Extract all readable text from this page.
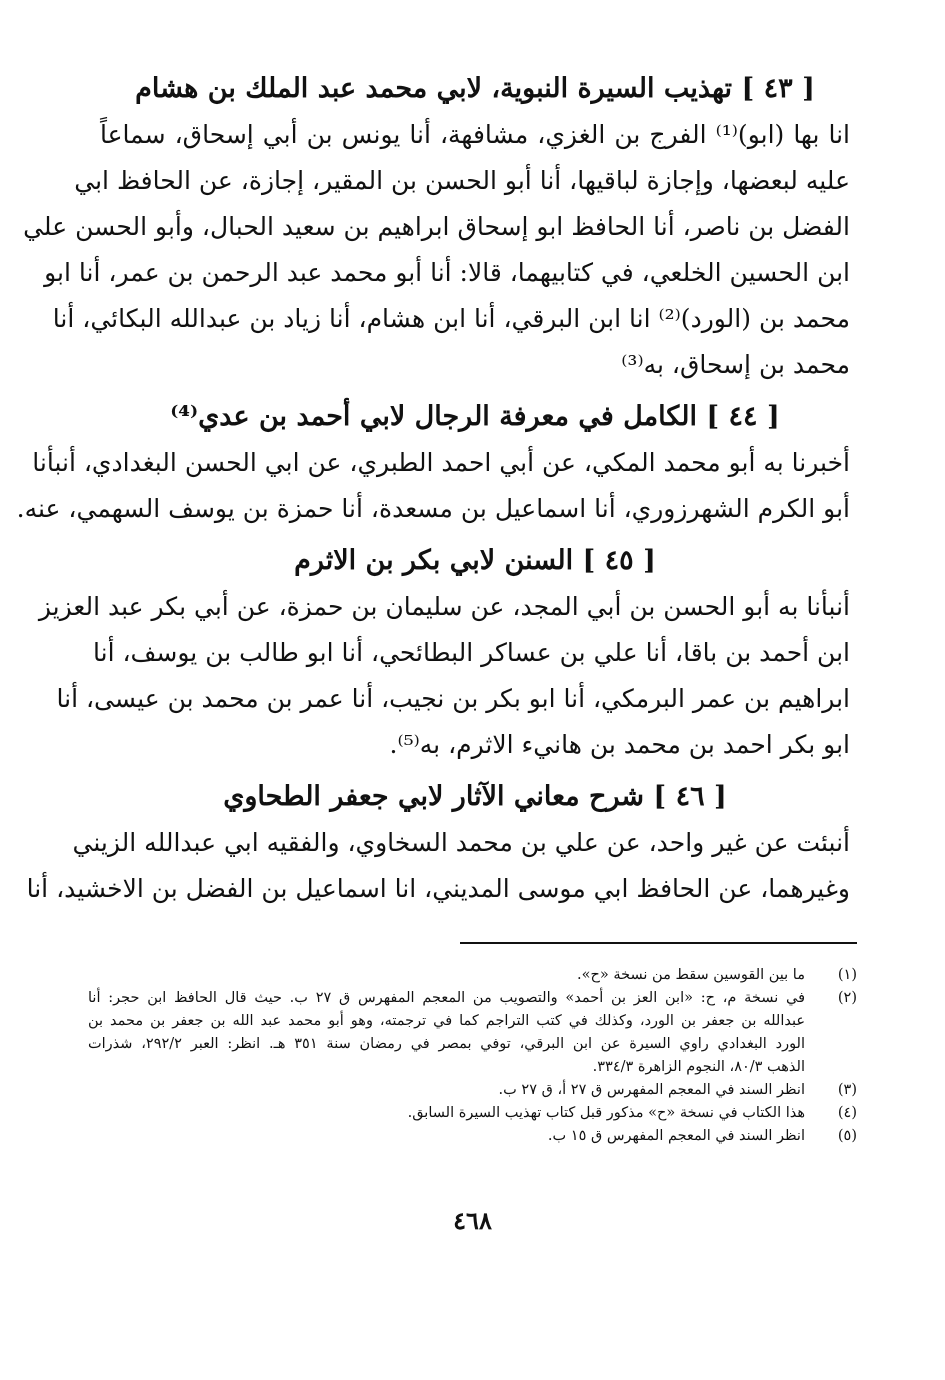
[ ٤٣ ] تهذيب السيرة النبوية، لابي محمد عبد الملك بن هشام
انا بها (ابو)⁽¹⁾ الفرج بن الغزي، مشافهة، أنا يونس بن أبي إسحاق، سماعاً
عليه لبعضها، وإجازة لباقيها، أنا أبو الحسن بن المقير، إجازة، عن الحافظ ابي
الفضل بن ناصر، أنا الحافظ ابو إسحاق ابراهيم بن سعيد الحبال، وأبو الحسن علي
ابن الحسين الخلعي، في كتابيهما، قالا: أنا أبو محمد عبد الرحمن بن عمر، أنا ابو
محمد بن (الورد)⁽²⁾ انا ابن البرقي، أنا ابن هشام، أنا زياد بن عبدالله البكائي، أنا
محمد بن إسحاق، به⁽³⁾
[ ٤٤ ] الكامل في معرفة الرجال لابي أحمد بن عدي⁽⁴⁾
أخبرنا به أبو محمد المكي، عن أبي احمد الطبري، عن ابي الحسن البغدادي، أنبأنا
أبو الكرم الشهرزوري، أنا اسماعيل بن مسعدة، أنا حمزة بن يوسف السهمي، عنه.
[ ٤٥ ] السنن لابي بكر بن الاثرم
أنبأنا به أبو الحسن بن أبي المجد، عن سليمان بن حمزة، عن أبي بكر عبد العزيز
ابن أحمد بن باقا، أنا علي بن عساكر البطائحي، أنا ابو طالب بن يوسف، أنا
ابراهيم بن عمر البرمكي، أنا ابو بكر بن نجيب، أنا عمر بن محمد بن عيسى، أنا
ابو بكر احمد بن محمد بن هانيء الاثرم، به⁽⁵⁾.
[ ٤٦ ] شرح معاني الآثار لابي جعفر الطحاوي
أنبئت عن غير واحد، عن علي بن محمد السخاوي، والفقيه ابي عبدالله الزيني
وغيرهما، عن الحافظ ابي موسى المديني، انا اسماعيل بن الفضل بن الاخشيد، أنا
(١)
ما بين القوسين سقط من نسخة «ح».
(٢)
في نسخة م، ح: «ابن العز بن أحمد» والتصويب من المعجم المفهرس ق ٢٧ ب. حيث قال الحافظ ابن حجر: أنا
عبدالله بن جعفر بن الورد، وكذلك في كتب التراجم كما في ترجمته، وهو أبو محمد عبد الله بن جعفر بن محمد بن
الورد البغدادي راوي السيرة عن ابن البرقي، توفي بمصر في رمضان سنة ٣٥١ هـ. انظر: العبر ٢٩٢/٢، شذرات
الذهب ٨٠/٣، النجوم الزاهرة ٣٣٤/٣.
(٣)
انظر السند في المعجم المفهرس ق ٢٧ أ، ق ٢٧ ب.
(٤)
هذا الكتاب في نسخة «ح» مذكور قبل كتاب تهذيب السيرة السابق.
(٥)
انظر السند في المعجم المفهرس ق ١٥ ب.
٤٦٨
